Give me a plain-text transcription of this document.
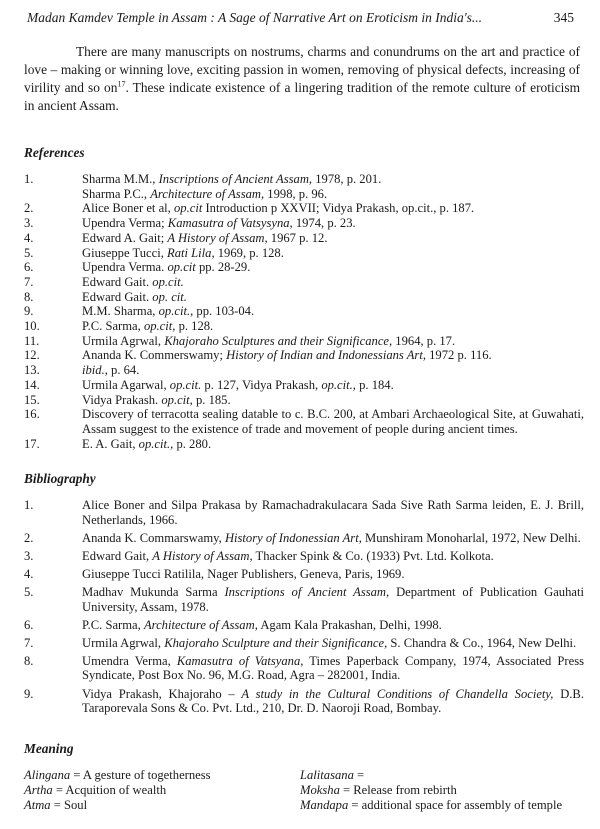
Madan Kamdev Temple in Assam : A Sage of Narrative Art on Eroticism in India's...	345

There are many manuscripts on nostrums, charms and conundrums on the art and practice of love – making or winning love, exciting passion in women, removing of physical defects, increasing of virility and so $on^{17}$. These indicate existence of a lingering tradition of the remote culture of eroticism in ancient Assam.

References
1.	Sharma M.M., Inscriptions of Ancient Assam, 1978, p. 201.
Sharma P.C., Architecture of Assam, 1998, p. 96.
2.	Alice Boner et al, op.cit Introduction p XXVII; Vidya Prakash, op.cit., p. 187.
3.	Upendra Verma; Kamasutra of Vatsysyna, 1974, p. 23.
4.	Edward A. Gait; A History of Assam, 1967 p. 12.
5.	Giuseppe Tucci, Rati Lila, 1969, p. 128.
6.	Upendra Verma. op.cit pp. 28-29.
7.	Edward Gait. op.cit.
8.	Edward Gait. op. cit.
9.	M.M. Sharma, op.cit., pp. 103-04.
10.	P.C. Sarma, op.cit, p. 128.
11.	Urmila Agrwal, Khajoraho Sculptures and their Significance, 1964, p. 17.
12.	Ananda K. Commerswamy; History of Indian and Indonessians Art, 1972 p. 116.
13.	ibid., p. 64.
14.	Urmila Agarwal, op.cit. p. 127, Vidya Prakash, op.cit., p. 184.
15.	Vidya Prakash. op.cit, p. 185.
16.	Discovery of terracotta sealing datable to c. B.C. 200, at Ambari Archaeological Site, at Guwahati, Assam suggest to the existence of trade and movement of people during ancient times.
17.	E. A. Gait, op.cit., p. 280.
Bibliography
1.	Alice Boner and Silpa Prakasa by Ramachadrakulacara Sada Sive Rath Sarma leiden, E. J. Brill, Netherlands, 1966.
2.	Ananda K. Commarswamy, History of Indonessian Art, Munshiram Monoharlal, 1972, New Delhi.
3.	Edward Gait, A History of Assam, Thacker Spink & Co. (1933) Pvt. Ltd. Kolkota.
4.	Giuseppe Tucci Ratilila, Nager Publishers, Geneva, Paris, 1969.
5.	Madhav Mukunda Sarma Inscriptions of Ancient Assam, Department of Publication Gauhati University, Assam, 1978.
6.	P.C. Sarma, Architecture of Assam, Agam Kala Prakashan, Delhi, 1998.
7.	Urmila Agrwal, Khajoraho Sculpture and their Significance, S. Chandra & Co., 1964, New Delhi.
8.	Umendra Verma, Kamasutra of Vatsyana, Times Paperback Company, 1974, Associated Press Syndicate, Post Box No. 96, M.G. Road, Agra – 282001, India.
9.	Vidya Prakash, Khajoraho – A study in the Cultural Conditions of Chandella Society, D.B. Taraporevala Sons & Co. Pvt. Ltd., 210, Dr. D. Naoroji Road, Bombay.
Meaning
Alingana = A gesture of togetherness
Artha = Acquition of wealth
Atma = Soul
Lalitasana =
Moksha = Release from rebirth
Mandapa = additional space for assembly of temple
